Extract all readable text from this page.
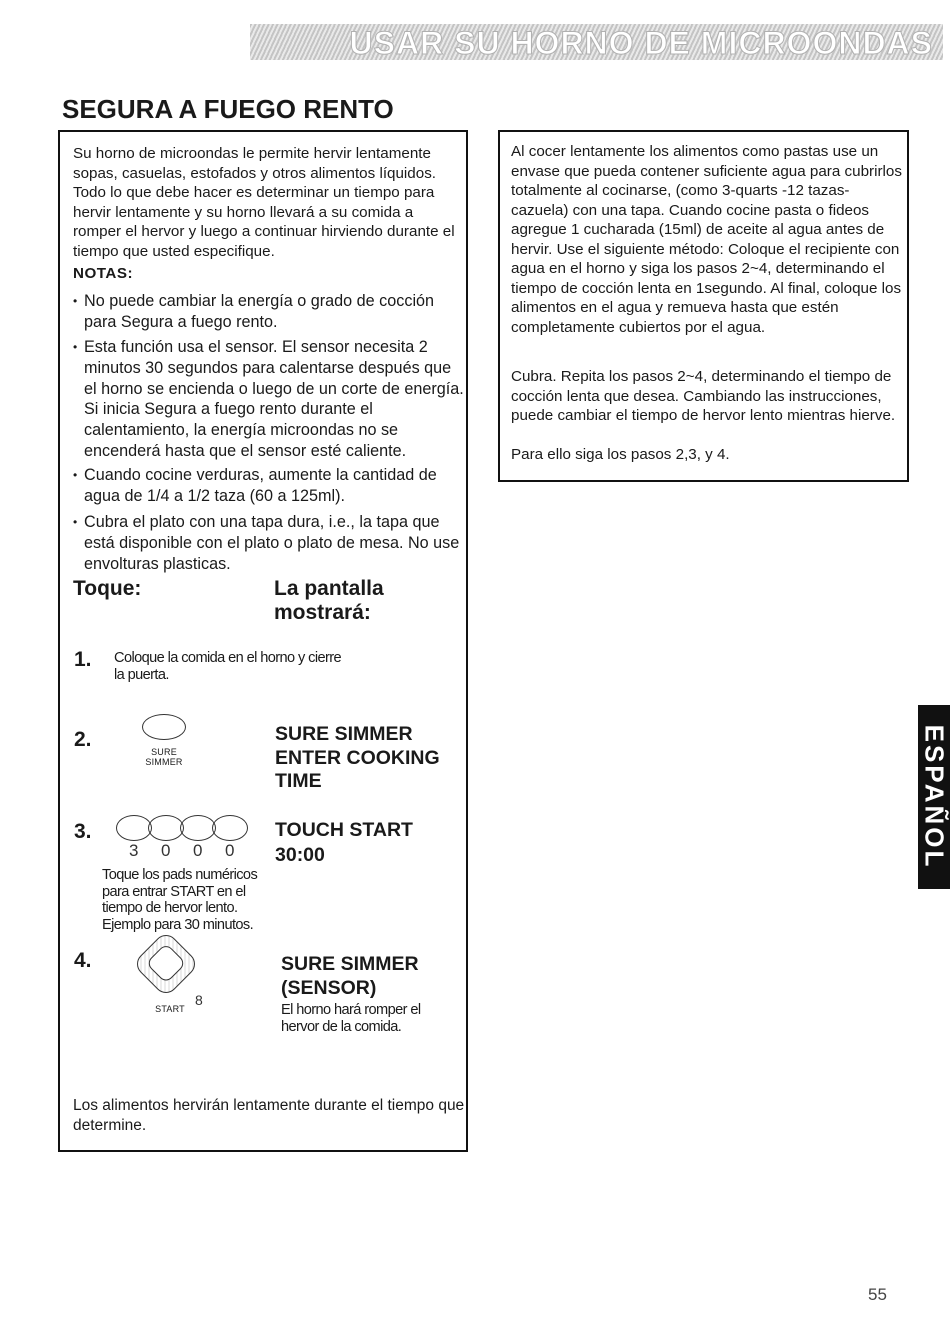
USAR SU HORNO DE MICROONDAS
SEGURA A FUEGO RENTO

Su horno de microondas le permite hervir lentamente sopas, casuelas, estofados y otros alimentos líquidos. Todo lo que debe hacer es determinar un tiempo para hervir lentamente y su horno llevará a su comida a romper el hervor y luego a continuar hirviendo durante el tiempo que usted especifique.

NOTAS:
• No puede cambiar la energía o grado de cocción para Segura a fuego rento.
• Esta función usa el sensor. El sensor necesita 2 minutos 30 segundos para calentarse después que el horno se encienda o luego de un corte de energía. Si inicia Segura a fuego rento durante el calentamiento, la energía microondas no se encenderá hasta que el sensor esté caliente.
• Cuando cocine verduras, aumente la cantidad de agua de 1/4 a 1/2 taza (60 a 125ml).
• Cubra el plato con una tapa dura, i.e., la tapa que está disponible con el plato o plato de mesa. No use envolturas plasticas.
Toque:	La pantalla mostrará:
1. Coloque la comida en el horno y cierre la puerta.
2.
SURE
SIMMER
SURE SIMMER ENTER COOKING TIME
3.
3 0 0 0
TOUCH START
30:00
Toque los pads numéricos para entrar START en el tiempo de hervor lento. Ejemplo para 30 minutos.
4.
START
8
SURE SIMMER (SENSOR)
El horno hará romper el hervor de la comida.

Los alimentos hervirán lentamente durante el tiempo que determine.

Al cocer lentamente los alimentos como pastas use un envase que pueda contener suficiente agua para cubrirlos totalmente al cocinarse, (como 3-quarts -12 tazas- cazuela) con una tapa. Cuando cocine pasta o fideos agregue 1 cucharada (15ml) de aceite al agua antes de hervir. Use el siguiente método: Coloque el recipiente con agua en el horno y siga los pasos 2~4, determinando el tiempo de cocción lenta en 1segundo. Al final, coloque los alimentos en el agua y remueva hasta que estén completamente cubiertos por el agua.

Cubra. Repita los pasos 2~4, determinando el tiempo de cocción lenta que desea. Cambiando las instrucciones, puede cambiar el tiempo de hervor lento mientras hierve.

Para ello siga los pasos 2,3, y 4.

ESPAÑOL
55
